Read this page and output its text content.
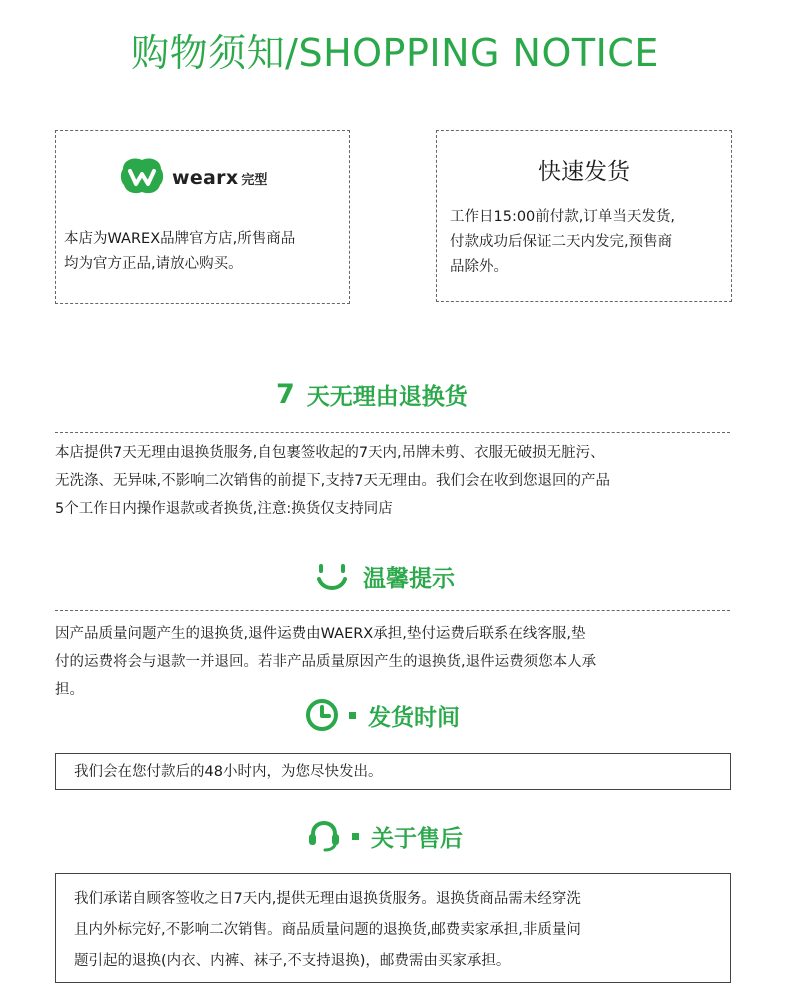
购物须知/SHOPPING NOTICE
wearx 完型
本店为WAREX品牌官方店,所售商品
均为官方正品,请放心购买。
快速发货
工作日15:00前付款,订单当天发货,
付款成功后保证二天内发完,预售商
品除外。
7 天无理由退换货
本店提供7天无理由退换货服务,自包裹签收起的7天内,吊牌未剪、衣服无破损无脏污、
无洗涤、无异味,不影响二次销售的前提下,支持7天无理由。我们会在收到您退回的产品
5个工作日内操作退款或者换货,注意:换货仅支持同店
温馨提示
因产品质量问题产生的退换货,退件运费由WAERX承担,垫付运费后联系在线客服,垫
付的运费将会与退款一并退回。若非产品质量原因产生的退换货,退件运费须您本人承
担。
发货时间
我们会在您付款后的48小时内，为您尽快发出。
关于售后
我们承诺自顾客签收之日7天内,提供无理由退换货服务。退换货商品需未经穿洗
且内外标完好,不影响二次销售。商品质量问题的退换货,邮费卖家承担,非质量问
题引起的退换(内衣、内裤、袜子,不支持退换)，邮费需由买家承担。
